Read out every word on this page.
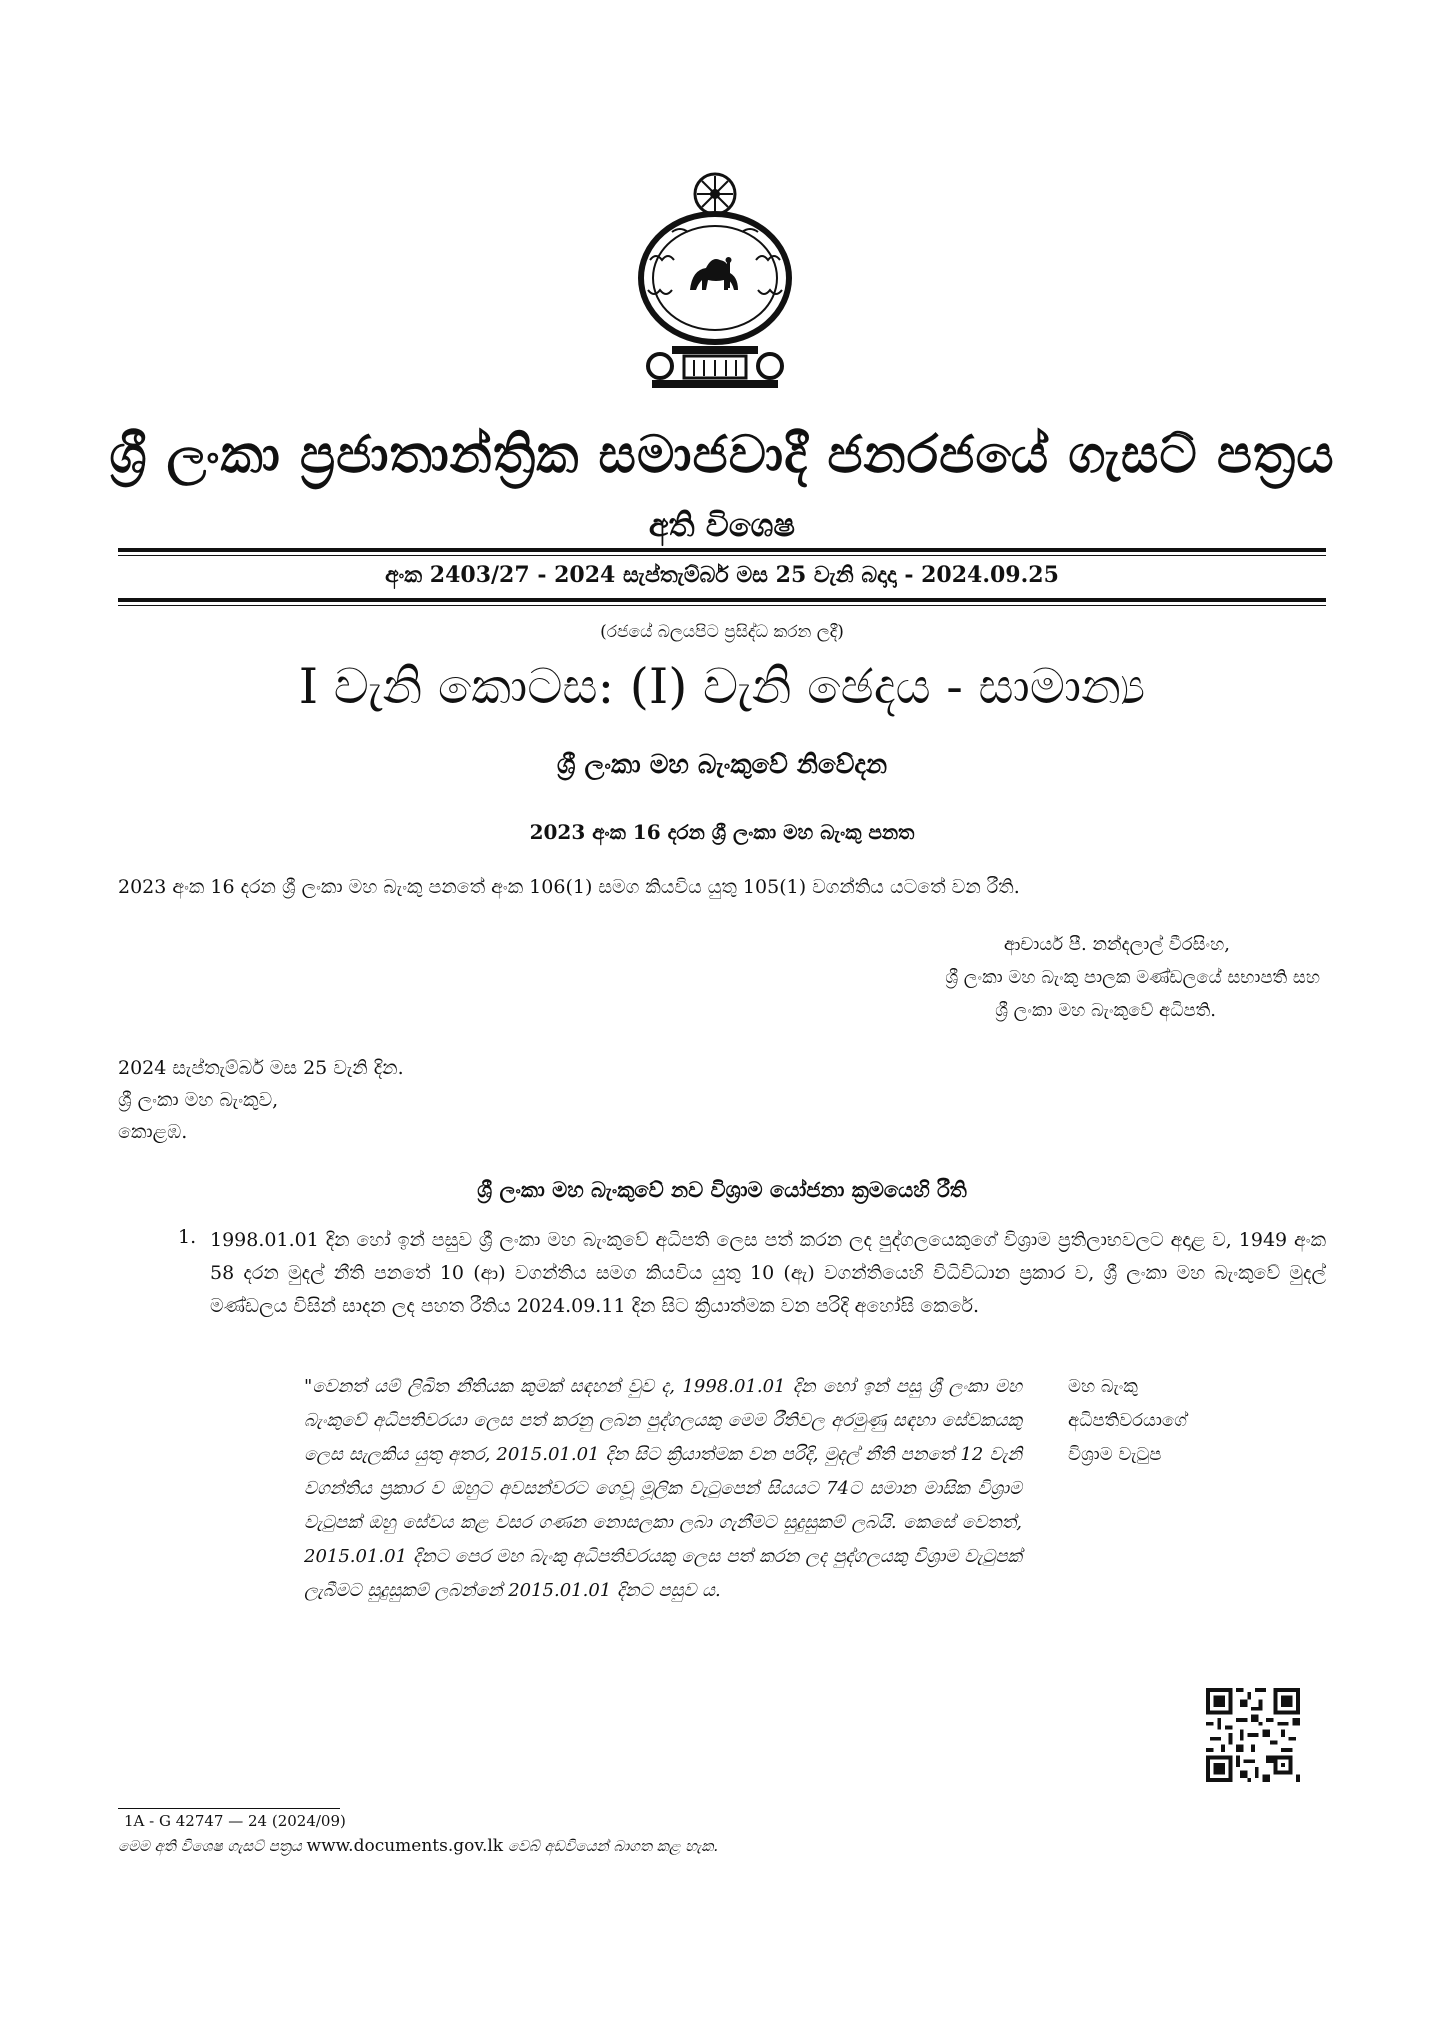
ශ්‍රී ලංකා ප්‍රජාතාන්ත්‍රික සමාජවාදී ජනරජයේ ගැසට් පත්‍රය
අති විශෙෂ
අංක 2403/27 - 2024 සැප්තැම්බර් මස 25 වැනි බදාදා - 2024.09.25
(රජයේ බලයපිට ප්‍රසිද්ධ කරන ලදී)
I වැනි කොටස: (I) වැනි ඡෙදය - සාමාන්‍ය
ශ්‍රී ලංකා මහ බැංකුවේ නිවේදන
2023 අංක 16 දරන ශ්‍රී ලංකා මහ බැංකු පනත
2023 අංක 16 දරන ශ්‍රී ලංකා මහ බැංකු පනතේ අංක 106(1) සමග කියවිය යුතු 105(1) වගන්තිය යටතේ වන රීති.
ආචාර්ය පී. නන්දලාල් වීරසිංහ,
ශ්‍රී ලංකා මහ බැංකු පාලක මණ්ඩලයේ සභාපති සහ
ශ්‍රී ලංකා මහ බැංකුවේ අධිපති.
2024 සැප්තැම්බර් මස 25 වැනි දින.
ශ්‍රී ලංකා මහ බැංකුව,
කොළඹ.
ශ්‍රී ලංකා මහ බැංකුවේ නව විශ්‍රාම යෝජනා ක්‍රමයෙහි රීති
1. 1998.01.01 දින හෝ ඉන් පසුව ශ්‍රී ලංකා මහ බැංකුවේ අධිපති ලෙස පත් කරන ලද පුද්ගලයෙකුගේ විශ්‍රාම ප්‍රතිලාභවලට අදාළ ව, 1949 අංක 58 දරන මුදල් නීති පනතේ 10 (ආ) වගන්තිය සමග කියවිය යුතු 10 (ඇ) වගන්තියෙහි විධිවිධාන ප්‍රකාර ව, ශ්‍රී ලංකා මහ බැංකුවේ මුදල් මණ්ඩලය විසින් සාදන ලද පහත රීතිය 2024.09.11 දින සිට ක්‍රියාත්මක වන පරිදි අහෝසි කෙරේ.
"වෙනත් යම් ලිඛිත නීතියක කුමක් සඳහන් වුව ද, 1998.01.01 දින හෝ ඉන් පසු ශ්‍රී ලංකා මහ බැංකුවේ අධිපතිවරයා ලෙස පත් කරනු ලබන පුද්ගලයකු මෙම රීතිවල අරමුණු සඳහා සේවකයකු ලෙස සැලකිය යුතු අතර, 2015.01.01 දින සිට ක්‍රියාත්මක වන පරිදි, මුදල් නීති පනතේ 12 වැනි වගන්තිය ප්‍රකාර ව ඔහුට අවසන්වරට ගෙවූ මූලික වැටුපෙන් සියයට 74ට සමාන මාසික විශ්‍රාම වැටුපක් ඔහු සේවය කළ වසර ගණන නොසලකා ලබා ගැනීමට සුදුසුකම් ලබයි. කෙසේ වෙතත්, 2015.01.01 දිනට පෙර මහ බැංකු අධිපතිවරයකු ලෙස පත් කරන ලද පුද්ගලයකු විශ්‍රාම වැටුපක් ලැබීමට සුදුසුකම් ලබන්නේ 2015.01.01 දිනට පසුව ය.
මහ බැංකු
අධිපතිවරයාගේ
විශ්‍රාම වැටුප
1A - G 42747 — 24 (2024/09)
මෙම අති විශෙෂ ගැසට් පත්‍රය www.documents.gov.lk වෙබ් අඩවියෙන් බාගත කළ හැක.
